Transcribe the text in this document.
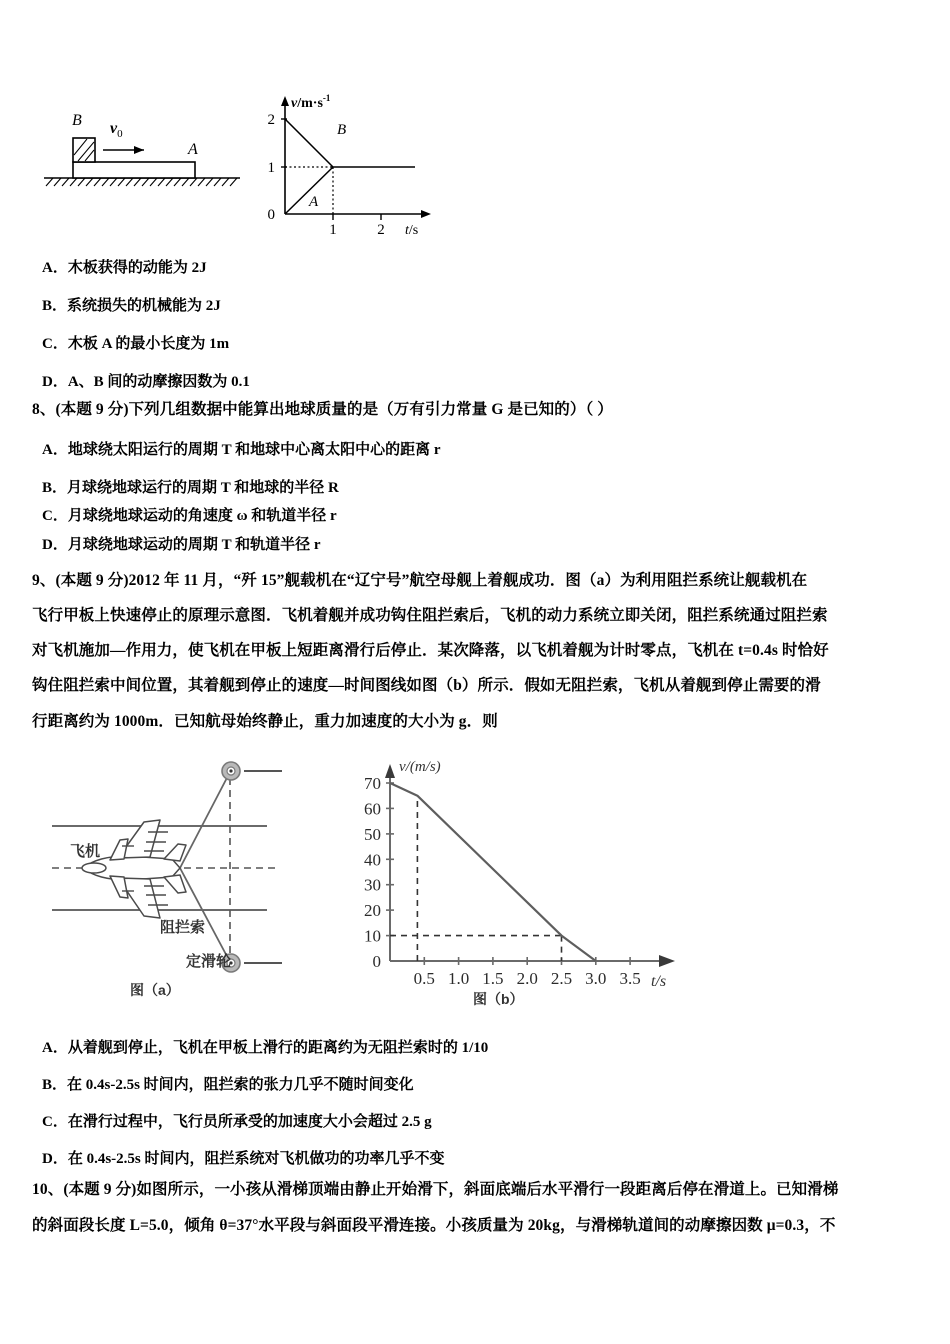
B
A
$v_0$
2
1
0
1	2
B
A
$v/m\cdot s^{-1}$
t/s
A．木板获得的动能为 2J
B．系统损失的机械能为 2J
C．木板 A 的最小长度为 1m
D．A、B 间的动摩擦因数为 0.1
8、(本题 9 分)下列几组数据中能算出地球质量的是（万有引力常量 G 是已知的）（ ）
A．地球绕太阳运行的周期 T 和地球中心离太阳中心的距离 r
B．月球绕地球运行的周期 T 和地球的半径 R
C．月球绕地球运动的角速度 ω 和轨道半径 r
D．月球绕地球运动的周期 T 和轨道半径 r
9、(本题 9 分)2012 年 11 月，“歼 15”舰载机在“辽宁号”航空母舰上着舰成功．图（a）为利用阻拦系统让舰载机在
飞行甲板上快速停止的原理示意图．飞机着舰并成功钩住阻拦索后，飞机的动力系统立即关闭，阻拦系统通过阻拦索
对飞机施加—作用力，使飞机在甲板上短距离滑行后停止．某次降落，以飞机着舰为计时零点，飞机在 t=0.4s 时恰好
钩住阻拦索中间位置，其着舰到停止的速度—时间图线如图（b）所示．假如无阻拦索，飞机从着舰到停止需要的滑
行距离约为 1000m．已知航母始终静止，重力加速度的大小为 g．则
飞机
阻拦索
定滑轮
图（a）
70
60
50
40
30
20
10
0
0.5 1.0 1.5 2.0 2.5 3.0 3.5
v/(m/s)
t/s
图（b）
A．从着舰到停止，飞机在甲板上滑行的距离约为无阻拦索时的 1/10
B．在 0.4s-2.5s 时间内，阻拦索的张力几乎不随时间变化
C．在滑行过程中，飞行员所承受的加速度大小会超过 2.5 g
D．在 0.4s-2.5s 时间内，阻拦系统对飞机做功的功率几乎不变
10、(本题 9 分)如图所示，一小孩从滑梯顶端由静止开始滑下，斜面底端后水平滑行一段距离后停在滑道上。已知滑梯
的斜面段长度 L=5.0，倾角 θ=37°水平段与斜面段平滑连接。小孩质量为 20kg，与滑梯轨道间的动摩擦因数 μ=0.3，不
